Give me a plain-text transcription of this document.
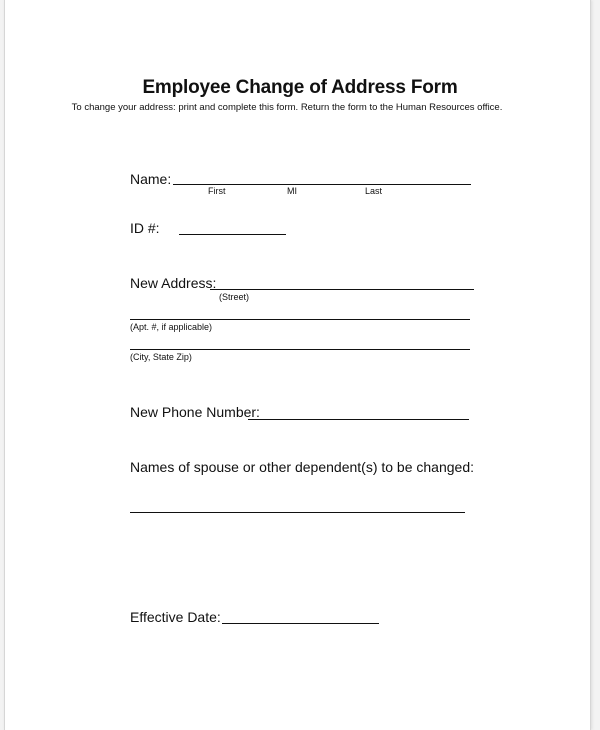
Employee Change of Address Form

To change your address: print and complete this form. Return the form to the Human Resources office.

Name:
First	MI	Last
ID #:
New Address:
(Street)
(Apt. #, if applicable)
(City, State Zip)
New Phone Number:
Names of spouse or other dependent(s) to be changed:
Effective Date:
